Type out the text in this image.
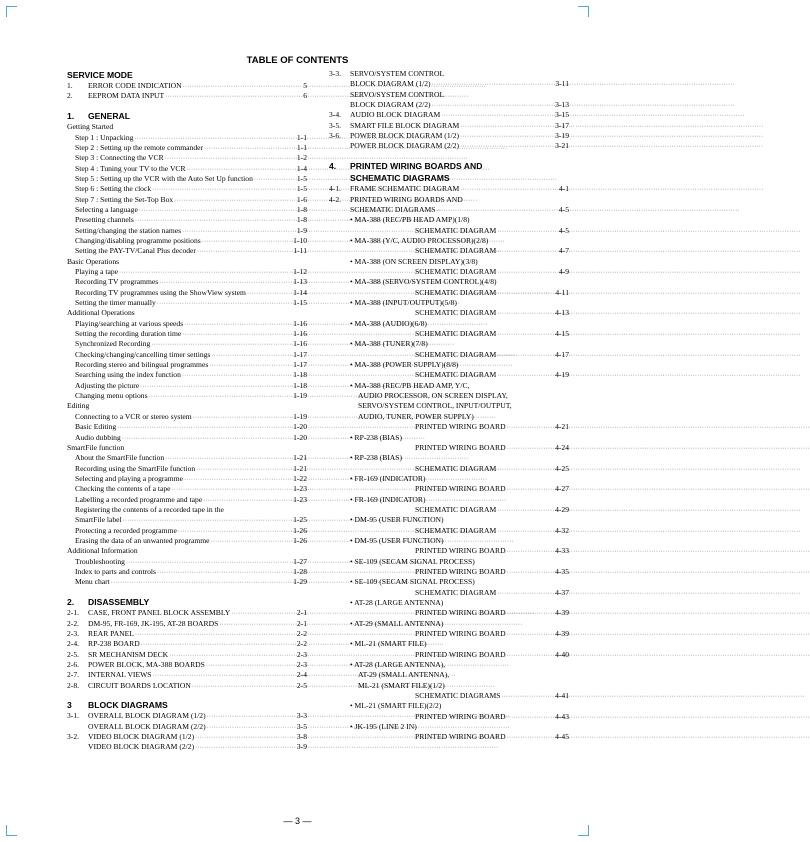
TABLE OF CONTENTS
SERVICE MODE
1.	ERROR CODE INDICATION ·····	5
2.	EEPROM DATA INPUT ·····	6
1.	GENERAL
Getting Started
Step 1 : Unpacking ·····	1-1
Step 2 : Setting up the remote commander ·····	1-1
Step 3 : Connecting the VCR ·····	1-2
Step 4 : Tuning your TV to the VCR ·····	1-4
Step 5 : Setting up the VCR with the Auto Set Up function ·····	1-5
Step 6 : Setting the clock ·····	1-5
Step 7 : Setting the Set-Top Box ·····	1-6
Selecting a language ·····	1-8
Presetting channels ·····	1-8
Setting/changing the station names ·····	1-9
Changing/disabling programme positions ·····	1-10
Setting the PAY-TV/Canal Plus decoder ·····	1-11
Basic Operations
Playing a tape ·····	1-12
Recording TV programmes ·····	1-13
Recording TV programmes using the ShowView system ·····	1-14
Setting the timer manually ·····	1-15
Additional Operations
Playing/searching at various speeds ·····	1-16
Setting the recording duration time ·····	1-16
Synchronized Recording ·····	1-16
Checking/changing/cancelling timer settings ·····	1-17
Recording stereo and bilingual programmes ·····	1-17
Searching using the index function ·····	1-18
Adjusting the picture ·····	1-18
Changing menu options ·····	1-19
Editing
Connecting to a VCR or stereo system ·····	1-19
Basic Editing ·····	1-20
Audio dubbing ·····	1-20
SmartFile function
About the SmartFile function ·····	1-21
Recording using the SmartFile function ·····	1-21
Selecting and playing a programme ·····	1-22
Checking the contents of a tape ·····	1-23
Labelling a recorded programme and tape ·····	1-23
Registering the contents of a recorded tape in the
SmartFile label ·····	1-25
Protecting a recorded programme ·····	1-26
Erasing the data of an unwanted programme ·····	1-26
Additional Information
Troubleshooting ·····	1-27
Index to parts and controls ·····	1-28
Menu chart ·····	1-29
2.	DISASSEMBLY
2-1.	CASE, FRONT PANEL BLOCK ASSEMBLY ·····	2-1
2-2.	DM-95, FR-169, JK-195, AT-28 BOARDS ·····	2-1
2-3.	REAR PANEL ·····	2-2
2-4.	RP-238 BOARD ·····	2-2
2-5.	SR MECHANISM DECK ·····	2-3
2-6.	POWER BLOCK, MA-388 BOARDS ·····	2-3
2-7.	INTERNAL VIEWS ·····	2-4
2-8.	CIRCUIT BOARDS LOCATION ·····	2-5
3	BLOCK DIAGRAMS
3-1.	OVERALL BLOCK DIAGRAM (1/2) ·····	3-3
OVERALL BLOCK DIAGRAM (2/2) ·····	3-5
3-2.	VIDEO BLOCK DIAGRAM (1/2) ·····	3-8
VIDEO BLOCK DIAGRAM (2/2) ·····	3-9
3-3.	SERVO/SYSTEM CONTROL
BLOCK DIAGRAM (1/2) ·····	3-11
SERVO/SYSTEM CONTROL
BLOCK DIAGRAM (2/2) ·····	3-13
3-4.	AUDIO BLOCK DIAGRAM ·····	3-15
3-5.	SMART FILE BLOCK DIAGRAM ·····	3-17
3-6.	POWER BLOCK DIAGRAM (1/2) ·····	3-19
POWER BLOCK DIAGRAM (2/2) ·····	3-21
4.	PRINTED WIRING BOARDS AND
SCHEMATIC DIAGRAMS
4-1.	FRAME SCHEMATIC DIAGRAM ·····	4-1
4-2.	PRINTED WIRING BOARDS AND
SCHEMATIC DIAGRAMS ·····	4-5
• MA-388 (REC/PB HEAD AMP)(1/8)
SCHEMATIC DIAGRAM ·····	4-5
• MA-388 (Y/C, AUDIO PROCESSOR)(2/8)
SCHEMATIC DIAGRAM ·····	4-7
• MA-388 (ON SCREEN DISPLAY)(3/8)
SCHEMATIC DIAGRAM ·····	4-9
• MA-388 (SERVO/SYSTEM CONTROL)(4/8)
SCHEMATIC DIAGRAM ·····	4-11
• MA-388 (INPUT/OUTPUT)(5/8)
SCHEMATIC DIAGRAM ·····	4-13
• MA-388 (AUDIO)(6/8)
SCHEMATIC DIAGRAM ·····	4-15
• MA-388 (TUNER)(7/8)
SCHEMATIC DIAGRAM ·····	4-17
• MA-388 (POWER SUPPLY)(8/8)
SCHEMATIC DIAGRAM ·····	4-19
• MA-388 (REC/PB HEAD AMP, Y/C,
AUDIO PROCESSOR, ON SCREEN DISPLAY,
SERVO/SYSTEM CONTROL, INPUT/OUTPUT,
AUDIO, TUNER, POWER SUPPLY)
PRINTED WIRING BOARD ·····	4-21
• RP-238 (BIAS)
PRINTED WIRING BOARD ·····	4-24
• RP-238 (BIAS)
SCHEMATIC DIAGRAM ·····	4-25
• FR-169 (INDICATOR)
PRINTED WIRING BOARD ·····	4-27
• FR-169 (INDICATOR)
SCHEMATIC DIAGRAM ·····	4-29
• DM-95 (USER FUNCTION)
SCHEMATIC DIAGRAM ·····	4-32
• DM-95 (USER FUNCTION)
PRINTED WIRING BOARD ·····	4-33
• SE-109 (SECAM SIGNAL PROCESS)
PRINTED WIRING BOARD ·····	4-35
• SE-109 (SECAM SIGNAL PROCESS)
SCHEMATIC DIAGRAM ·····	4-37
• AT-28 (LARGE ANTENNA)
PRINTED WIRING BOARD ·····	4-39
• AT-29 (SMALL ANTENNA)
PRINTED WIRING BOARD ·····	4-39
• ML-21 (SMART FILE)
PRINTED WIRING BOARD ·····	4-40
• AT-28 (LARGE ANTENNA),
AT-29 (SMALL ANTENNA),
ML-21 (SMART FILE)(1/2)
SCHEMATIC DIAGRAMS ·····	4-41
• ML-21 (SMART FILE)(2/2)
PRINTED WIRING BOARD ·····	4-43
• JK-195 (LINE 2 IN)
PRINTED WIRING BOARD ·····	4-45
— 3 —
